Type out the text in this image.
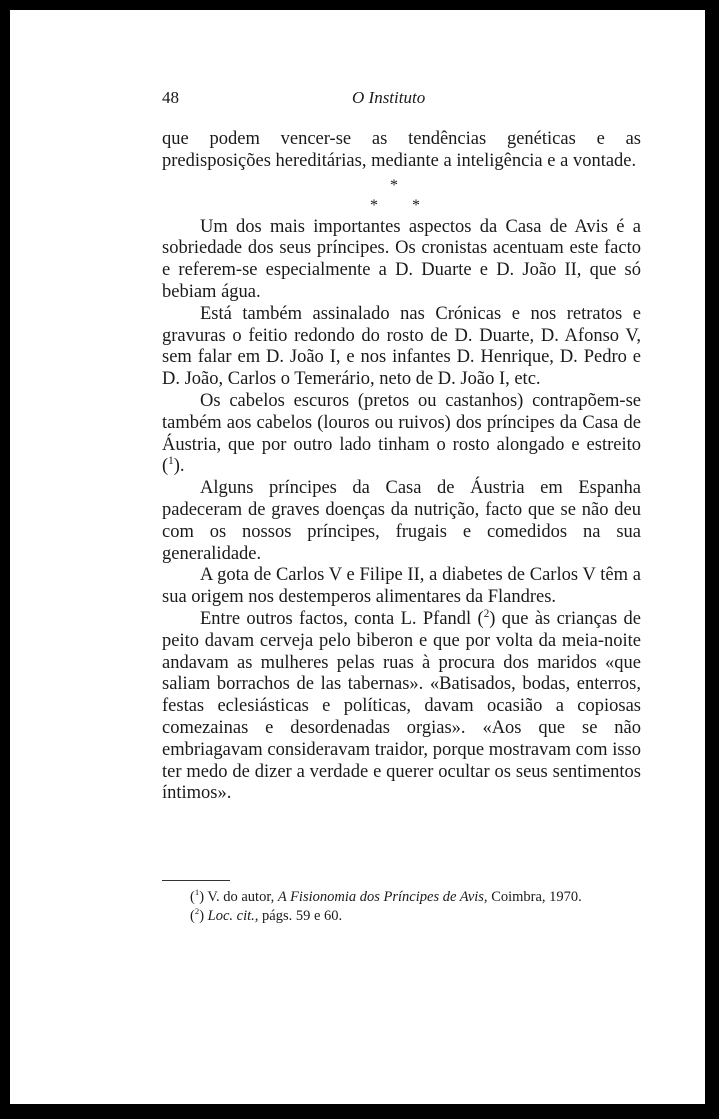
48	O Instituto

que podem vencer-se as tendências genéticas e as predisposições hereditárias, mediante a inteligência e a vontade.

*
* *

Um dos mais importantes aspectos da Casa de Avis é a sobriedade dos seus príncipes. Os cronistas acentuam este facto e referem-se especialmente a D. Duarte e D. João II, que só bebiam água.

Está também assinalado nas Crónicas e nos retratos e gravuras o feitio redondo do rosto de D. Duarte, D. Afonso V, sem falar em D. João I, e nos infantes D. Henrique, D. Pedro e D. João, Carlos o Temerário, neto de D. João I, etc.

Os cabelos escuros (pretos ou castanhos) contrapõem-se também aos cabelos (louros ou ruivos) dos príncipes da Casa de Áustria, que por outro lado tinham o rosto alongado e estreito ($^1$).

Alguns príncipes da Casa de Áustria em Espanha padeceram de graves doenças da nutrição, facto que se não deu com os nossos príncipes, frugais e comedidos na sua generalidade.

A gota de Carlos V e Filipe II, a diabetes de Carlos V têm a sua origem nos destemperos alimentares da Flandres.

Entre outros factos, conta L. Pfandl ($^2$) que às crianças de peito davam cerveja pelo biberon e que por volta da meia-noite andavam as mulheres pelas ruas à procura dos maridos «que saliam borrachos de las tabernas». «Batisados, bodas, enterros, festas eclesiásticas e políticas, davam ocasião a copiosas comezainas e desordenadas orgias». «Aos que se não embriagavam consideravam traidor, porque mostravam com isso ter medo de dizer a verdade e querer ocultar os seus sentimentos íntimos».

($^1$) V. do autor, A Fisionomia dos Príncipes de Avis, Coimbra, 1970.

($^2$) Loc. cit., págs. 59 e 60.
